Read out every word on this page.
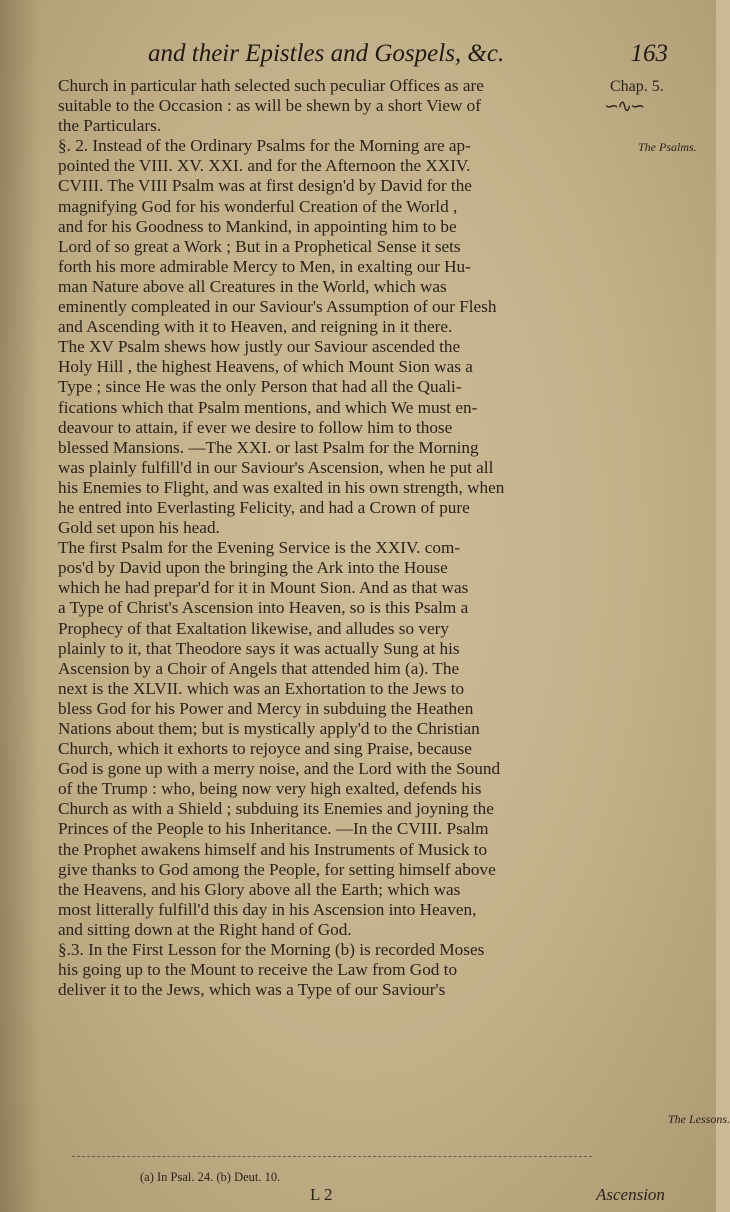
and their Epistles and Gospels, &c.	163
Church in particular hath selected such peculiar Offices as are
suitable to the Occasion : as will be shewn by a short View of
the Particulars.
§. 2. Instead of the Ordinary Psalms for the Morning are ap-
pointed the VIII. XV. XXI. and for the Afternoon the XXIV.
CVIII. The VIII Psalm was at first design'd by David for the
magnifying God for his wonderful Creation of the World ,
and for his Goodness to Mankind, in appointing him to be
Lord of so great a Work ; But in a Prophetical Sense it sets
forth his more admirable Mercy to Men, in exalting our Hu-
man Nature above all Creatures in the World, which was
eminently compleated in our Saviour's Assumption of our Flesh
and Ascending with it to Heaven, and reigning in it there.
The XV Psalm shews how justly our Saviour ascended the
Holy Hill , the highest Heavens, of which Mount Sion was a
Type ; since He was the only Person that had all the Quali-
fications which that Psalm mentions, and which We must en-
deavour to attain, if ever we desire to follow him to those
blessed Mansions. —The XXI. or last Psalm for the Morning
was plainly fulfill'd in our Saviour's Ascension, when he put all
his Enemies to Flight, and was exalted in his own strength, when
he entred into Everlasting Felicity, and had a Crown of pure
Gold set upon his head.
The first Psalm for the Evening Service is the XXIV. com-
pos'd by David upon the bringing the Ark into the House
which he had prepar'd for it in Mount Sion. And as that was
a Type of Christ's Ascension into Heaven, so is this Psalm a
Prophecy of that Exaltation likewise, and alludes so very
plainly to it, that Theodore says it was actually Sung at his
Ascension by a Choir of Angels that attended him (a). The
next is the XLVII. which was an Exhortation to the Jews to
bless God for his Power and Mercy in subduing the Heathen
Nations about them; but is mystically apply'd to the Christian
Church, which it exhorts to rejoyce and sing Praise, because
God is gone up with a merry noise, and the Lord with the Sound
of the Trump : who, being now very high exalted, defends his
Church as with a Shield ; subduing its Enemies and joyning the
Princes of the People to his Inheritance. —In the CVIII. Psalm
the Prophet awakens himself and his Instruments of Musick to
give thanks to God among the People, for setting himself above
the Heavens, and his Glory above all the Earth; which was
most litterally fulfill'd this day in his Ascension into Heaven,
and sitting down at the Right hand of God.
§.3. In the First Lesson for the Morning (b) is recorded Moses
his going up to the Mount to receive the Law from God to
deliver it to the Jews, which was a Type of our Saviour's
Chap. 5.
∽∿∽
The Psalms.
The Lessons.
(a) In Psal. 24. (b) Deut. 10.
L 2	Ascension
